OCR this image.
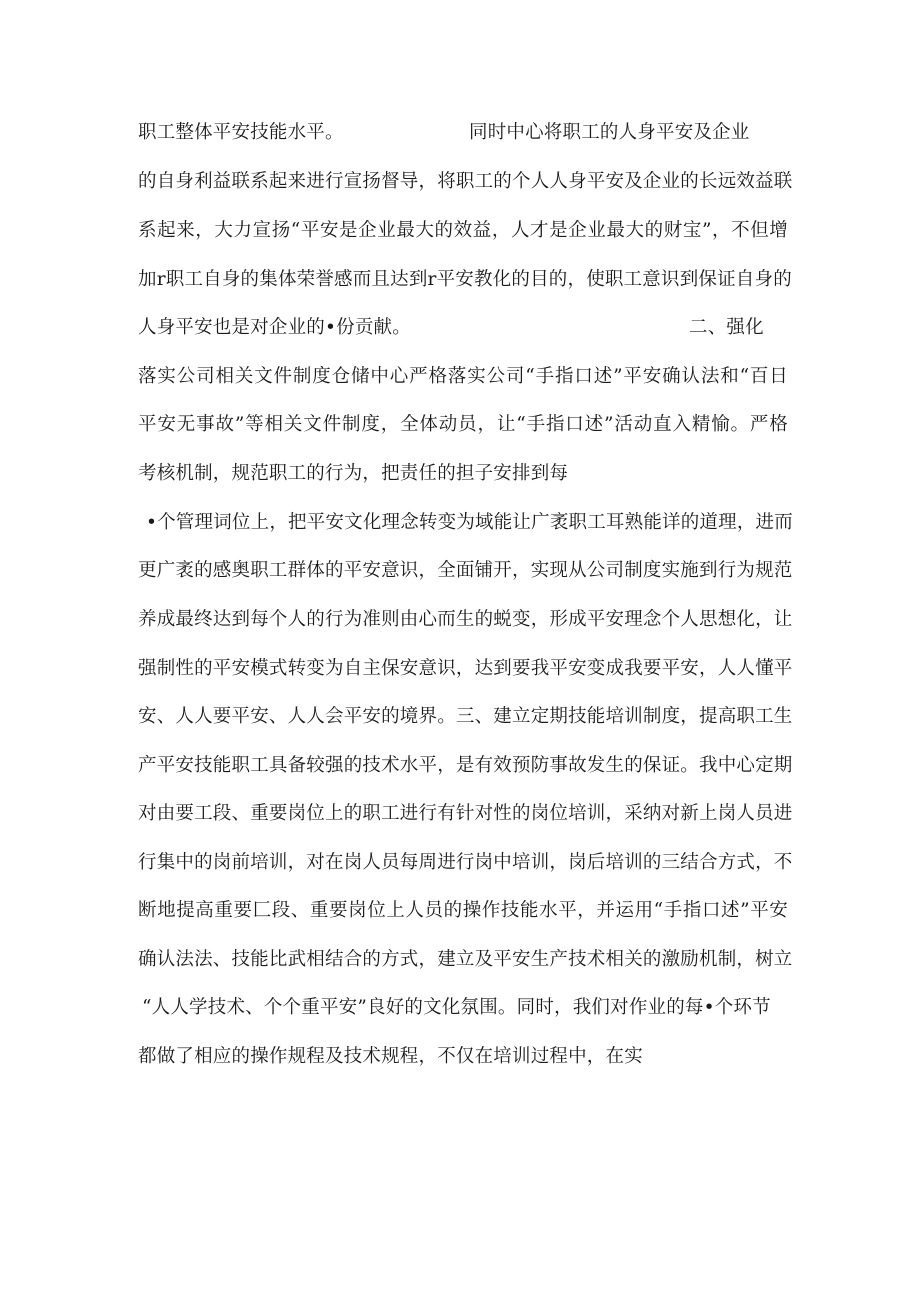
职工整体平安技能水平。	同时中心将职工的人身平安及企业
的自身利益联系起来进行宣扬督导，将职工的个人人身平安及企业的长远效益联
系起来，大力宣扬“平安是企业最大的效益，人才是企业最大的财宝”，不但增
加r职工自身的集体荣誉感而且达到r平安教化的目的，使职工意识到保证自身的
人身平安也是对企业的•份贡献。	二、强化
落实公司相关文件制度仓储中心严格落实公司“手指口述”平安确认法和“百日
平安无事故”等相关文件制度，全体动员，让“手指口述”活动直入精愉。严格
考核机制，规范职工的行为，把责任的担子安排到每
•个管理词位上，把平安文化理念转变为域能让广袤职工耳熟能详的道理，进而
更广袤的感奥职工群体的平安意识，全面铺开，实现从公司制度实施到行为规范
养成最终达到每个人的行为准则由心而生的蜕变，形成平安理念个人思想化，让
强制性的平安模式转变为自主保安意识，达到要我平安变成我要平安，人人懂平
安、人人要平安、人人会平安的境界。三、建立定期技能培训制度，提高职工生
产平安技能职工具备较强的技术水平，是有效预防事故发生的保证。我中心定期
对由要工段、重要岗位上的职工进行有针对性的岗位培训，采纳对新上岗人员进
行集中的岗前培训，对在岗人员每周进行岗中培训，岗后培训的三结合方式，不
断地提高重要匚段、重要岗位上人员的操作技能水平，并运用“手指口述”平安
确认法法、技能比武相结合的方式，建立及平安生产技术相关的激励机制，树立
“人人学技术、个个重平安”良好的文化氛围。同时，我们对作业的每•个环节
都做了相应的操作规程及技术规程，不仅在培训过程中，在实
